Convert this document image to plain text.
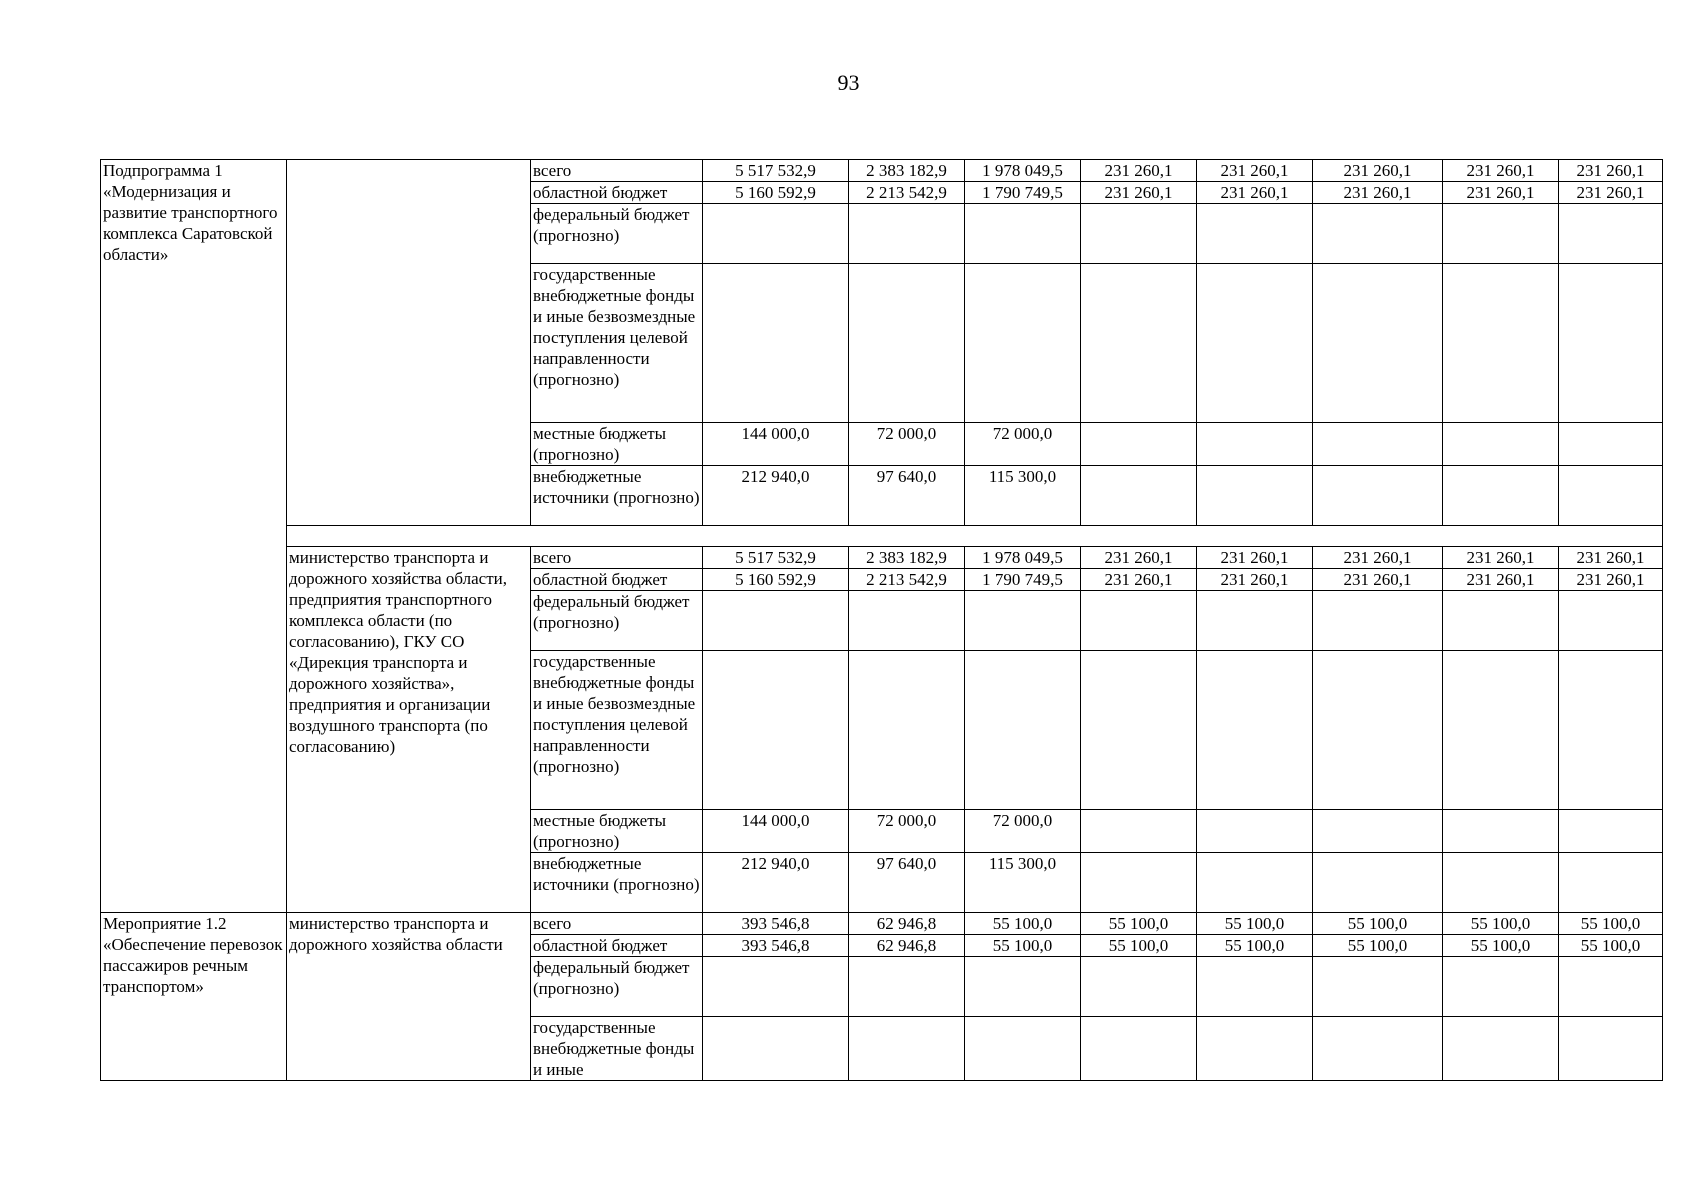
93
Подпрограмма 1 «Модернизация и развитие транспортного комплекса Саратовской области»		всего	5 517 532,9	2 383 182,9	1 978 049,5	231 260,1	231 260,1	231 260,1	231 260,1	231 260,1
		областной бюджет	5 160 592,9	2 213 542,9	1 790 749,5	231 260,1	231 260,1	231 260,1	231 260,1	231 260,1
		федеральный бюджет (прогнозно)								
		государственные внебюджетные фонды и иные безвозмездные поступления целевой направленности (прогнозно)								
		местные бюджеты (прогнозно)	144 000,0	72 000,0	72 000,0					
		внебюджетные источники (прогнозно)	212 940,0	97 640,0	115 300,0					

	министерство транспорта и дорожного хозяйства области, предприятия транспортного комплекса области (по согласованию), ГКУ СО «Дирекция транспорта и дорожного хозяйства», предприятия и организации воздушного транспорта (по согласованию)	всего	5 517 532,9	2 383 182,9	1 978 049,5	231 260,1	231 260,1	231 260,1	231 260,1	231 260,1
		областной бюджет	5 160 592,9	2 213 542,9	1 790 749,5	231 260,1	231 260,1	231 260,1	231 260,1	231 260,1
		федеральный бюджет (прогнозно)								
		государственные внебюджетные фонды и иные безвозмездные поступления целевой направленности (прогнозно)								
		местные бюджеты (прогнозно)	144 000,0	72 000,0	72 000,0					
		внебюджетные источники (прогнозно)	212 940,0	97 640,0	115 300,0					
Мероприятие 1.2 «Обеспечение перевозок пассажиров речным транспортом»	министерство транспорта и дорожного хозяйства области	всего	393 546,8	62 946,8	55 100,0	55 100,0	55 100,0	55 100,0	55 100,0	55 100,0
		областной бюджет	393 546,8	62 946,8	55 100,0	55 100,0	55 100,0	55 100,0	55 100,0	55 100,0
		федеральный бюджет (прогнозно)								
		государственные внебюджетные фонды и иные								
